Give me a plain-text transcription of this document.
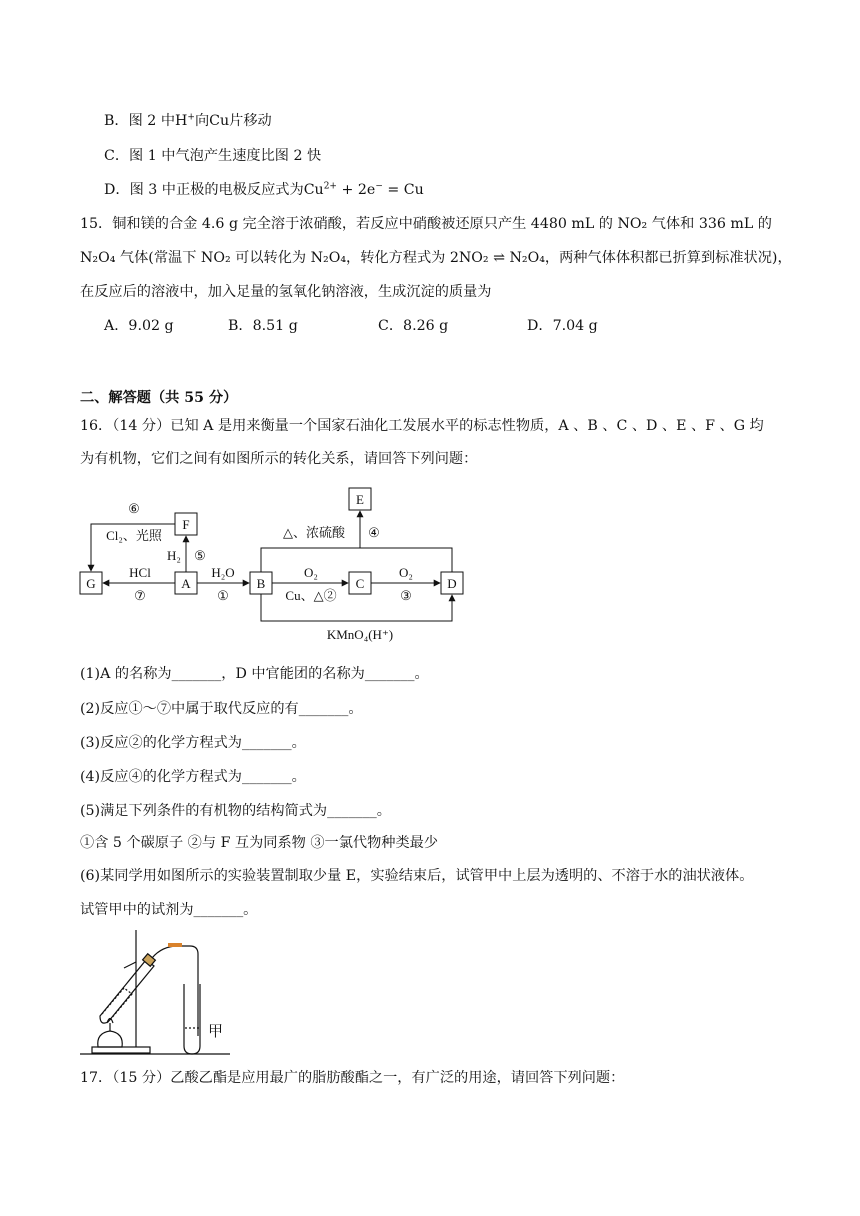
B．图 2 中H+向Cu片移动
C．图 1 中气泡产生速度比图 2 快
D．图 3 中正极的电极反应式为$Cu^{2+} + 2e^- = Cu$
15．铜和镁的合金 4.6 g 完全溶于浓硝酸，若反应中硝酸被还原只产生 4480 mL 的 NO₂ 气体和 336 mL 的
N₂O₄ 气体(常温下 NO₂ 可以转化为 N₂O₄，转化方程式为 2NO₂ ⇌ N₂O₄，两种气体体积都已折算到标准状况)，
在反应后的溶液中，加入足量的氢氧化钠溶液，生成沉淀的质量为
A．9.02 g	B．8.51 g	C．8.26 g	D．7.04 g
二、解答题（共 55 分）
16．（14 分）已知 A 是用来衡量一个国家石油化工发展水平的标志性物质，A 、B 、C 、D 、E 、F 、G 均
为有机物，它们之间有如图所示的转化关系，请回答下列问题：
G	A	B	C	D
E
F
HCl
⑦
H₂O
①
O₂
Cu、△②
O₂
③
KMnO₄(H⁺)
⑥
Cl₂、光照
H₂ ⑤
△、浓硫酸 ④
(1)A 的名称为_______，D 中官能团的名称为_______。
(2)反应①～⑦中属于取代反应的有_______。
(3)反应②的化学方程式为_______。
(4)反应④的化学方程式为_______。
(5)满足下列条件的有机物的结构简式为_______。
①含 5 个碳原子 ②与 F 互为同系物 ③一氯代物种类最少
(6)某同学用如图所示的实验装置制取少量 E，实验结束后，试管甲中上层为透明的、不溶于水的油状液体。
试管甲中的试剂为_______。
甲
17．（15 分）乙酸乙酯是应用最广的脂肪酸酯之一，有广泛的用途，请回答下列问题：
